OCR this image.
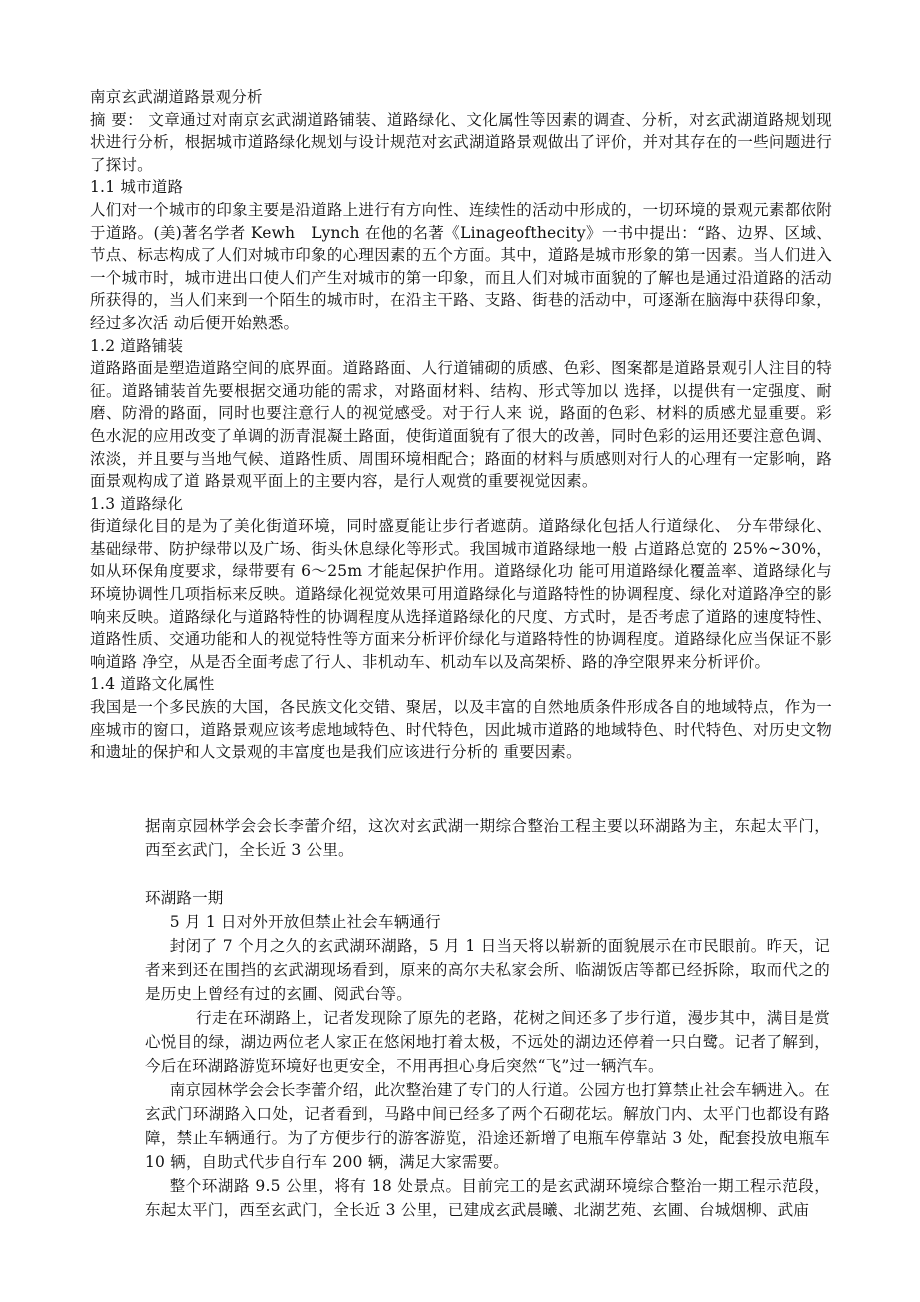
南京玄武湖道路景观分析

摘 要： 文章通过对南京玄武湖道路铺装、道路绿化、文化属性等因素的调查、分析，对玄武湖道路规划现状进行分析，根据城市道路绿化规划与设计规范对玄武湖道路景观做出了评价，并对其存在的一些问题进行了探讨。

1.1 城市道路

人们对一个城市的印象主要是沿道路上进行有方向性、连续性的活动中形成的，一切环境的景观元素都依附于道路。(美)著名学者 Kewh　Lynch 在他的名著《Linageofthecity》一书中提出：“路、边界、区域、节点、标志构成了人们对城市印象的心理因素的五个方面。其中，道路是城市形象的第一因素。当人们进入一个城市时，城市进出口使人们产生对城市的第一印象，而且人们对城市面貌的了解也是通过沿道路的活动所获得的，当人们来到一个陌生的城市时，在沿主干路、支路、街巷的活动中，可逐渐在脑海中获得印象，经过多次活 动后便开始熟悉。

1.2 道路铺装

道路路面是塑造道路空间的底界面。道路路面、人行道铺砌的质感、色彩、图案都是道路景观引人注目的特征。道路铺装首先要根据交通功能的需求，对路面材料、结构、形式等加以 选择，以提供有一定强度、耐磨、防滑的路面，同时也要注意行人的视觉感受。对于行人来 说，路面的色彩、材料的质感尤显重要。彩色水泥的应用改变了单调的沥青混凝土路面，使街道面貌有了很大的改善，同时色彩的运用还要注意色调、浓淡，并且要与当地气候、道路性质、周围环境相配合；路面的材料与质感则对行人的心理有一定影响，路面景观构成了道 路景观平面上的主要内容，是行人观赏的重要视觉因素。

1.3 道路绿化

街道绿化目的是为了美化街道环境，同时盛夏能让步行者遮荫。道路绿化包括人行道绿化、 分车带绿化、基础绿带、防护绿带以及广场、街头休息绿化等形式。我国城市道路绿地一般 占道路总宽的 25%~30%，如从环保角度要求，绿带要有 6～25m 才能起保护作用。道路绿化功 能可用道路绿化覆盖率、道路绿化与环境协调性几项指标来反映。道路绿化视觉效果可用道路绿化与道路特性的协调程度、绿化对道路净空的影响来反映。道路绿化与道路特性的协调程度从选择道路绿化的尺度、方式时，是否考虑了道路的速度特性、道路性质、交通功能和人的视觉特性等方面来分析评价绿化与道路特性的协调程度。道路绿化应当保证不影响道路 净空，从是否全面考虑了行人、非机动车、机动车以及高架桥、路的净空限界来分析评价。

1.4 道路文化属性

我国是一个多民族的大国，各民族文化交错、聚居，以及丰富的自然地质条件形成各自的地域特点，作为一座城市的窗口，道路景观应该考虑地域特色、时代特色，因此城市道路的地域特色、时代特色、对历史文物和遗址的保护和人文景观的丰富度也是我们应该进行分析的 重要因素。

据南京园林学会会长李蕾介绍，这次对玄武湖一期综合整治工程主要以环湖路为主，东起太平门，西至玄武门，全长近 3 公里。

环湖路一期

5 月 1 日对外开放但禁止社会车辆通行

封闭了 7 个月之久的玄武湖环湖路，5 月 1 日当天将以崭新的面貌展示在市民眼前。昨天，记者来到还在围挡的玄武湖现场看到，原来的高尔夫私家会所、临湖饭店等都已经拆除，取而代之的是历史上曾经有过的玄圃、阅武台等。

行走在环湖路上，记者发现除了原先的老路，花树之间还多了步行道，漫步其中，满目是赏心悦目的绿，湖边两位老人家正在悠闲地打着太极，不远处的湖边还停着一只白鹭。记者了解到，今后在环湖路游览环境好也更安全，不用再担心身后突然“飞”过一辆汽车。

南京园林学会会长李蕾介绍，此次整治建了专门的人行道。公园方也打算禁止社会车辆进入。在玄武门环湖路入口处，记者看到，马路中间已经多了两个石砌花坛。解放门内、太平门也都设有路障，禁止车辆通行。为了方便步行的游客游览，沿途还新增了电瓶车停靠站 3 处，配套投放电瓶车 10 辆，自助式代步自行车 200 辆，满足大家需要。

整个环湖路 9.5 公里，将有 18 处景点。目前完工的是玄武湖环境综合整治一期工程示范段，东起太平门，西至玄武门，全长近 3 公里，已建成玄武晨曦、北湖艺苑、玄圃、台城烟柳、武庙
